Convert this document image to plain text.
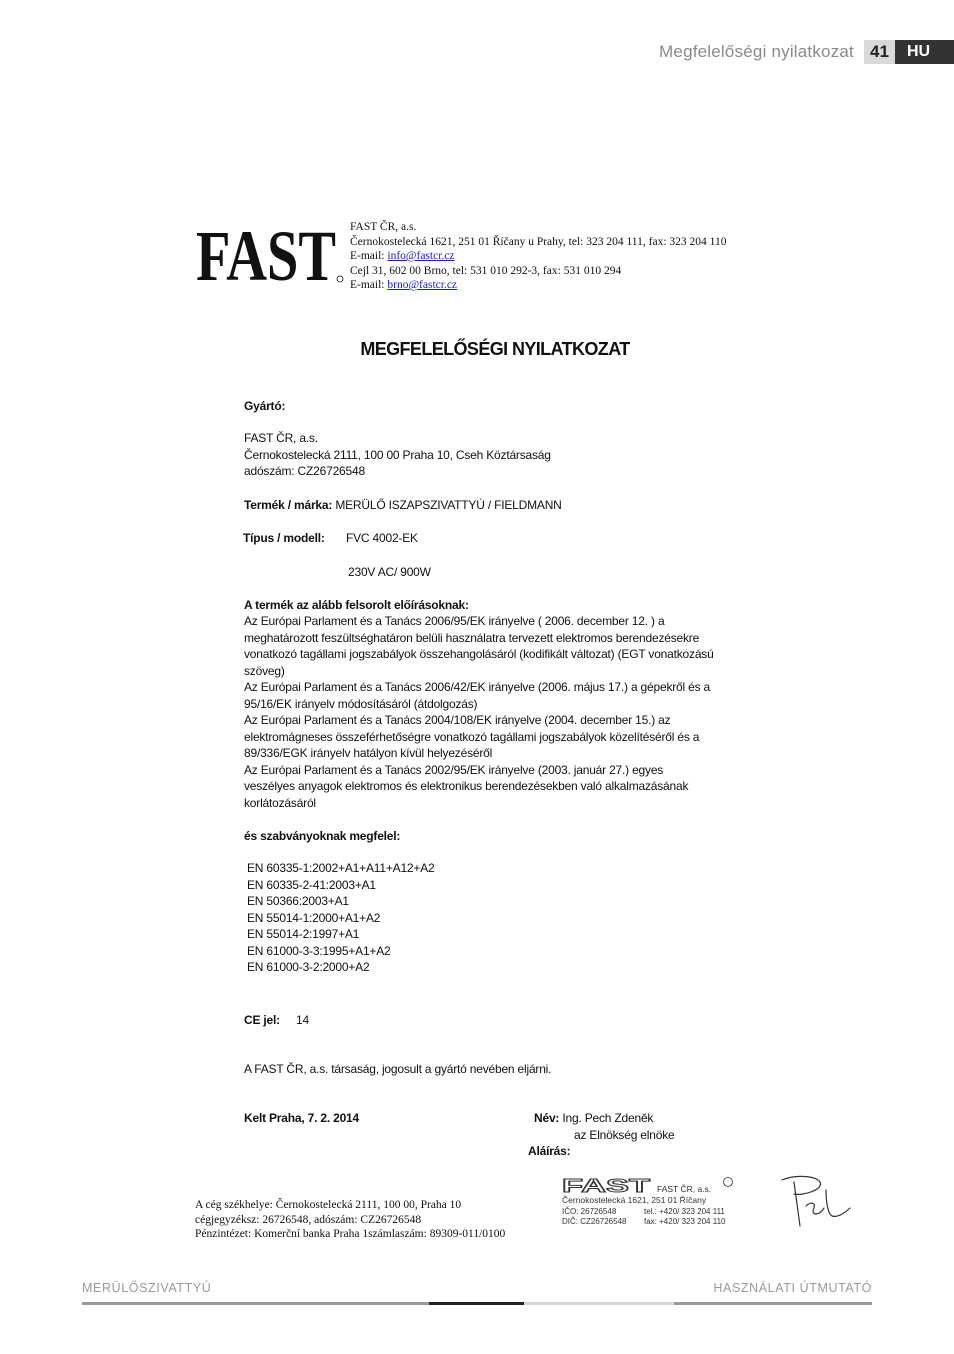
Megfelelőségi nyilatkozat 41	HU
FAST FAST ČR, a.s.
Černokostelecká 1621, 251 01 Říčany u Prahy, tel: 323 204 111, fax: 323 204 110
E-mail: info@fastcr.cz
Cejl 31, 602 00 Brno, tel: 531 010 292-3, fax: 531 010 294
E-mail: brno@fastcr.cz
MEGFELELŐSÉGI NYILATKOZAT
Gyártó:
FAST ČR, a.s.
Černokostelecká 2111, 100 00 Praha 10, Cseh Köztársaság
adószám: CZ26726548
Termék / márka: MERÜLŐ ISZAPSZIVATTYÚ / FIELDMANN
Típus / modell: FVC 4002-EK
230V AC/ 900W
A termék az alább felsorolt előírásoknak:
Az Európai Parlament és a Tanács 2006/95/EK irányelve ( 2006. december 12. ) a
meghatározott feszültséghatáron belüli használatra tervezett elektromos berendezésekre
vonatkozó tagállami jogszabályok összehangolásáról (kodifikált változat) (EGT vonatkozású
szöveg)
Az Európai Parlament és a Tanács 2006/42/EK irányelve (2006. május 17.) a gépekről és a
95/16/EK irányelv módosításáról (átdolgozás)
Az Európai Parlament és a Tanács 2004/108/EK irányelve (2004. december 15.) az
elektromágneses összeférhetőségre vonatkozó tagállami jogszabályok közelítéséről és a
89/336/EGK irányelv hatályon kívül helyezéséről
Az Európai Parlament és a Tanács 2002/95/EK irányelve (2003. január 27.) egyes
veszélyes anyagok elektromos és elektronikus berendezésekben való alkalmazásának
korlátozásáról
és szabványoknak megfelel:
EN 60335-1:2002+A1+A11+A12+A2
EN 60335-2-41:2003+A1
EN 50366:2003+A1
EN 55014-1:2000+A1+A2
EN 55014-2:1997+A1
EN 61000-3-3:1995+A1+A2
EN 61000-3-2:2000+A2
CE jel: 14
A FAST ČR, a.s. társaság, jogosult a gyártó nevében eljárni.
Kelt Praha, 7. 2. 2014	Név: Ing. Pech Zdeněk
az Elnökség elnöke
Aláírás:
A cég székhelye: Černokostelecká 2111, 100 00, Praha 10
cégjegyzéksz: 26726548, adószám: CZ26726548
Pénzintézet: Komerční banka Praha 1számlaszám: 89309-011/0100
FAST FAST ČR, a.s.
Černokostelecká 1621, 251 01 Říčany
IČO: 26726548	tel.: +420/ 323 204 111
DIČ: CZ26726548 fax: +420/ 323 204 110
MERÜLŐSZIVATTYÚ	HASZNÁLATI ÚTMUTATÓ
